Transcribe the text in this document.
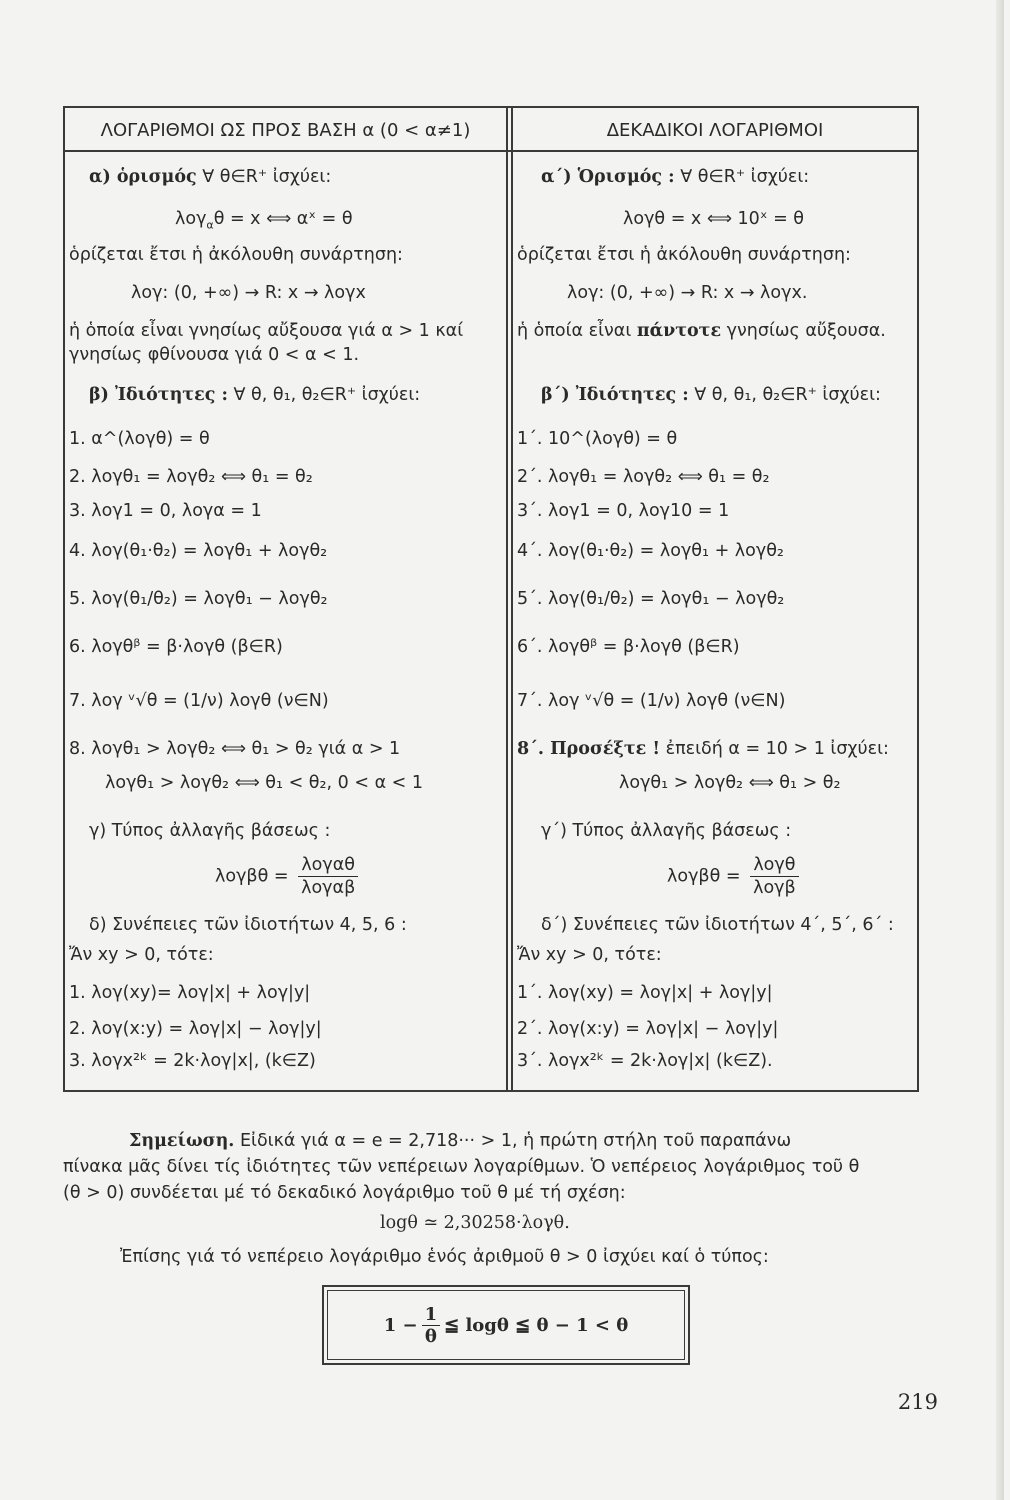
ΛΟΓΑΡΙΘΜΟΙ ΩΣ ΠΡΟΣ ΒΑΣΗ α (0 < α≠1)
α) ὁρισμός ∀ θ∈R⁺ ἰσχύει:
λογ$_\alpha$θ = x ⟺ αˣ = θ
ὁρίζεται ἔτσι ἡ ἀκόλουθη συνάρτηση:
λογ: (0, +∞) → R: x → λογx
ἡ ὁποία εἶναι γνησίως αὔξουσα γιά α > 1 καί
γνησίως φθίνουσα γιά 0 < α < 1.
β) Ἰδιότητες : ∀ θ, θ₁, θ₂∈R⁺ ἰσχύει:
1. α^(λογθ) = θ
2. λογθ₁ = λογθ₂ ⟺ θ₁ = θ₂
3. λογ1 = 0, λογα = 1
4. λογ(θ₁·θ₂) = λογθ₁ + λογθ₂
5. λογ(θ₁/θ₂) = λογθ₁ − λογθ₂
6. λογθᵝ = β·λογθ (β∈R)
7. λογ ᵛ√θ = (1/ν) λογθ (ν∈N)
8. λογθ₁ > λογθ₂ ⟺ θ₁ > θ₂ γιά α > 1
λογθ₁ > λογθ₂ ⟺ θ₁ < θ₂, 0 < α < 1
γ) Τύπος ἀλλαγῆς βάσεως :
$\lambda o\gamma\beta\theta = \frac{\text{λογαθ}}{\text{λογαβ}}$
δ) Συνέπειες τῶν ἰδιοτήτων 4, 5, 6 :
Ἄν xy > 0, τότε:
1. λογ(xy)= λογ|x| + λογ|y|
2. λογ(x:y) = λογ|x| − λογ|y|
3. λογx²ᵏ = 2k·λογ|x|, (k∈Z)
ΔΕΚΑΔΙΚΟΙ ΛΟΓΑΡΙΘΜΟΙ
α΄) Ὁρισμός : ∀ θ∈R⁺ ἰσχύει:
λογθ = x ⟺ 10ˣ = θ
ὁρίζεται ἔτσι ἡ ἀκόλουθη συνάρτηση:
λογ: (0, +∞) → R: x → λογx.
ἡ ὁποία εἶναι πάντοτε γνησίως αὔξουσα.
β΄) Ἰδιότητες : ∀ θ, θ₁, θ₂∈R⁺ ἰσχύει:
1΄. 10^(λογθ) = θ
2΄. λογθ₁ = λογθ₂ ⟺ θ₁ = θ₂
3΄. λογ1 = 0, λογ10 = 1
4΄. λογ(θ₁·θ₂) = λογθ₁ + λογθ₂
5΄. λογ(θ₁/θ₂) = λογθ₁ − λογθ₂
6΄. λογθᵝ = β·λογθ (β∈R)
7΄. λογ ᵛ√θ = (1/ν) λογθ (ν∈N)
8΄. Προσέξτε ! ἐπειδή α = 10 > 1 ἰσχύει:
λογθ₁ > λογθ₂ ⟺ θ₁ > θ₂
γ΄) Τύπος ἀλλαγῆς βάσεως :
$\lambda o\gamma\beta\theta = \frac{\text{λογθ}}{\text{λογβ}}$
δ΄) Συνέπειες τῶν ἰδιοτήτων 4΄, 5΄, 6΄ :
Ἄν xy > 0, τότε:
1΄. λογ(xy) = λογ|x| + λογ|y|
2΄. λογ(x:y) = λογ|x| − λογ|y|
3΄. λογx²ᵏ = 2k·λογ|x| (k∈Z).
Σημείωση. Εἰδικά γιά α = e = 2,718··· > 1, ἡ πρώτη στήλη τοῦ παραπάνω
πίνακα μᾶς δίνει τίς ἰδιότητες τῶν νεπέρειων λογαρίθμων. Ὁ νεπέρειος λογάριθμος τοῦ θ
(θ > 0) συνδέεται μέ τό δεκαδικό λογάριθμο τοῦ θ μέ τή σχέση:
logθ ≃ 2,30258·λογθ.
Ἐπίσης γιά τό νεπέρειο λογάριθμο ἑνός ἀριθμοῦ θ > 0 ἰσχύει καί ὁ τύπος:
$1 - \frac{1}{\theta}$ ≦ logθ ≦ θ − 1 < θ
219
